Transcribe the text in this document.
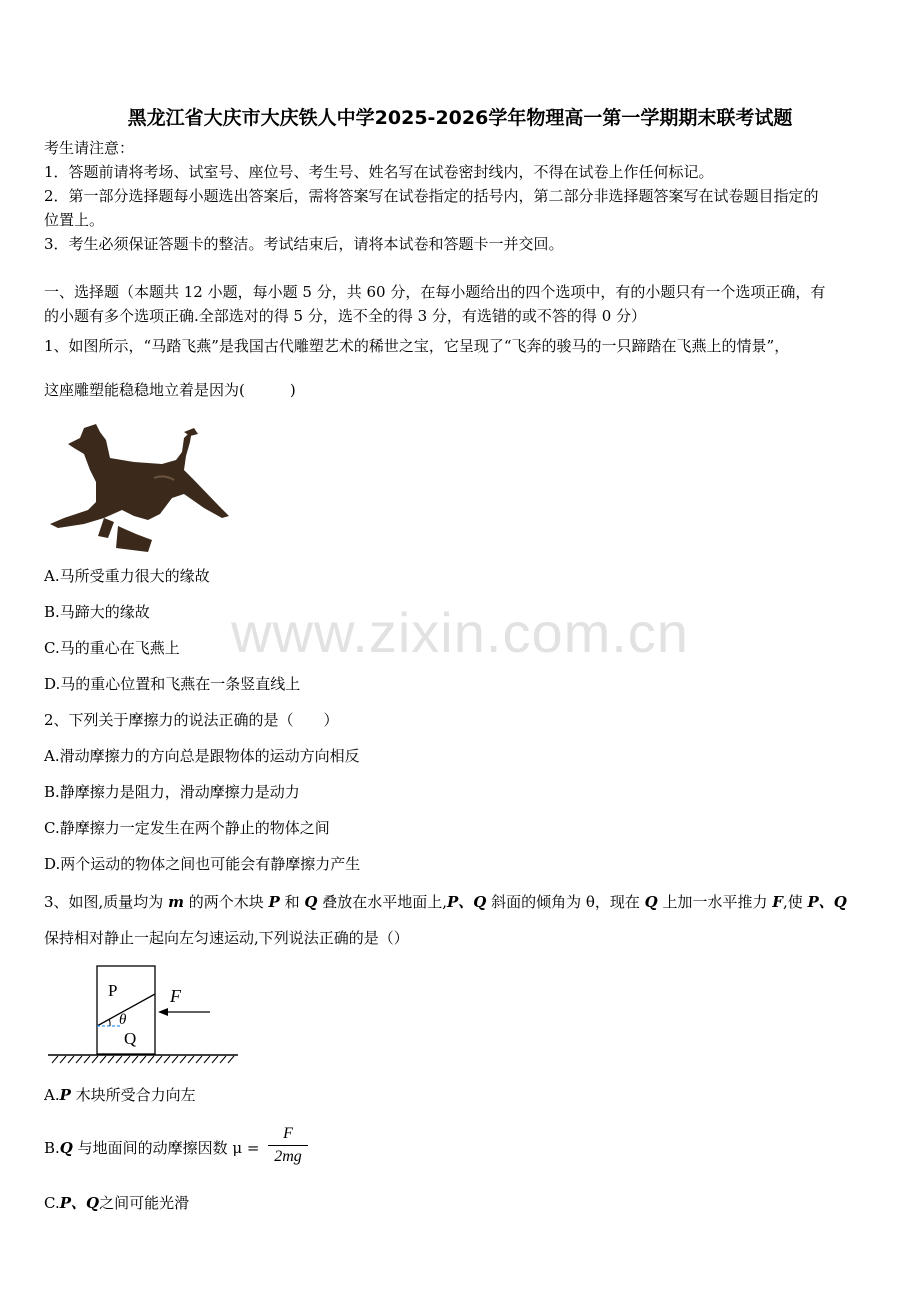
www.zixin.com.cn
黑龙江省大庆市大庆铁人中学2025-2026学年物理高一第一学期期末联考试题
考生请注意：
1．答题前请将考场、试室号、座位号、考生号、姓名写在试卷密封线内，不得在试卷上作任何标记。
2．第一部分选择题每小题选出答案后，需将答案写在试卷指定的括号内，第二部分非选择题答案写在试卷题目指定的
位置上。
3．考生必须保证答题卡的整洁。考试结束后，请将本试卷和答题卡一并交回。
一、选择题（本题共 12 小题，每小题 5 分，共 60 分，在每小题给出的四个选项中，有的小题只有一个选项正确，有
的小题有多个选项正确.全部选对的得 5 分，选不全的得 3 分，有选错的或不答的得 0 分）
1、如图所示，“马踏飞燕”是我国古代雕塑艺术的稀世之宝，它呈现了“飞奔的骏马的一只蹄踏在飞燕上的情景”，
这座雕塑能稳稳地立着是因为(　　　)
A.马所受重力很大的缘故
B.马蹄大的缘故
C.马的重心在飞燕上
D.马的重心位置和飞燕在一条竖直线上
2、下列关于摩擦力的说法正确的是（　　）
A.滑动摩擦力的方向总是跟物体的运动方向相反
B.静摩擦力是阻力，滑动摩擦力是动力
C.静摩擦力一定发生在两个静止的物体之间
D.两个运动的物体之间也可能会有静摩擦力产生
3、如图,质量均为 m 的两个木块 P 和 Q 叠放在水平地面上,P、Q 斜面的倾角为 θ，现在 Q 上加一水平推力 F,使 P、Q
保持相对静止一起向左匀速运动,下列说法正确的是（）
P
Q
θ
F
A.P 木块所受合力向左
B.Q 与地面间的动摩擦因数 μ =
F
2mg
C.P、Q之间可能光滑
